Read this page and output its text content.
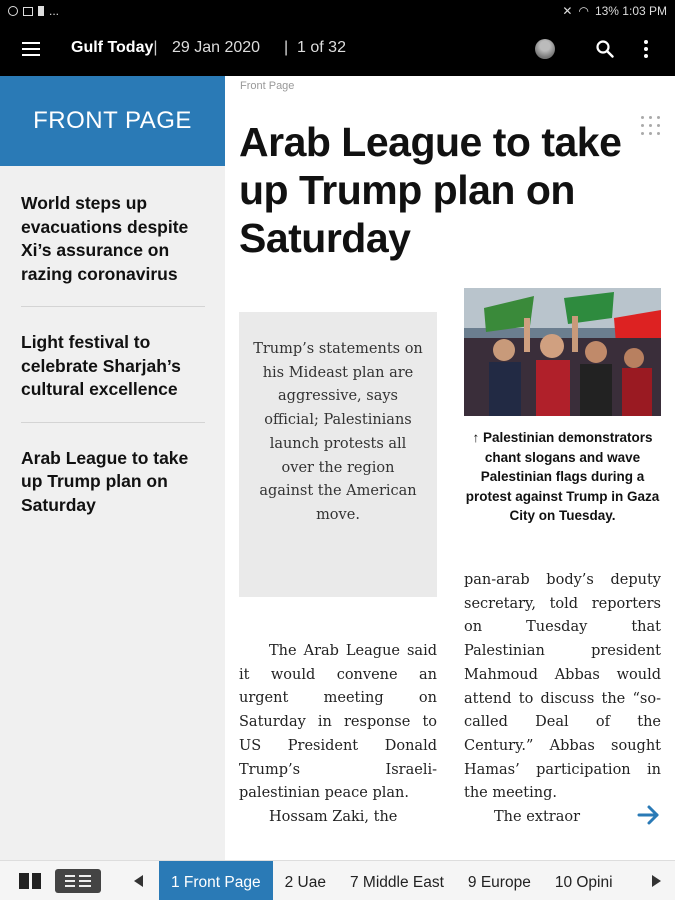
...	✕ ◠ 13% 1:03 PM
Gulf Today| 29 Jan 2020 | 1 of 32
FRONT PAGE
World steps up evacuations despite Xi’s assurance on razing coronavirus
Light festival to celebrate Sharjah’s cultural excellence
Arab League to take up Trump plan on Saturday
Front Page
Arab League to take up Trump plan on Saturday
Trump’s statements on his Mideast plan are aggressive, says official; Palestinians launch protests all over the region against the American move.
↑ Palestinian demonstrators chant slogans and wave Palestinian flags during a protest against Trump in Gaza City on Tuesday.
The Arab League said it would convene an urgent meeting on Saturday in response to US President Donald Trump’s Israeli-palestinian peace plan.
Hossam Zaki, the
pan-arab body’s deputy secretary, told reporters on Tuesday that Palestinian president Mahmoud Abbas would attend to discuss the “so-called Deal of the Century.” Abbas sought Hamas’ participation in the meeting.
The extraor
1 Front Page 2 Uae 7 Middle East 9 Europe 10 Opini
